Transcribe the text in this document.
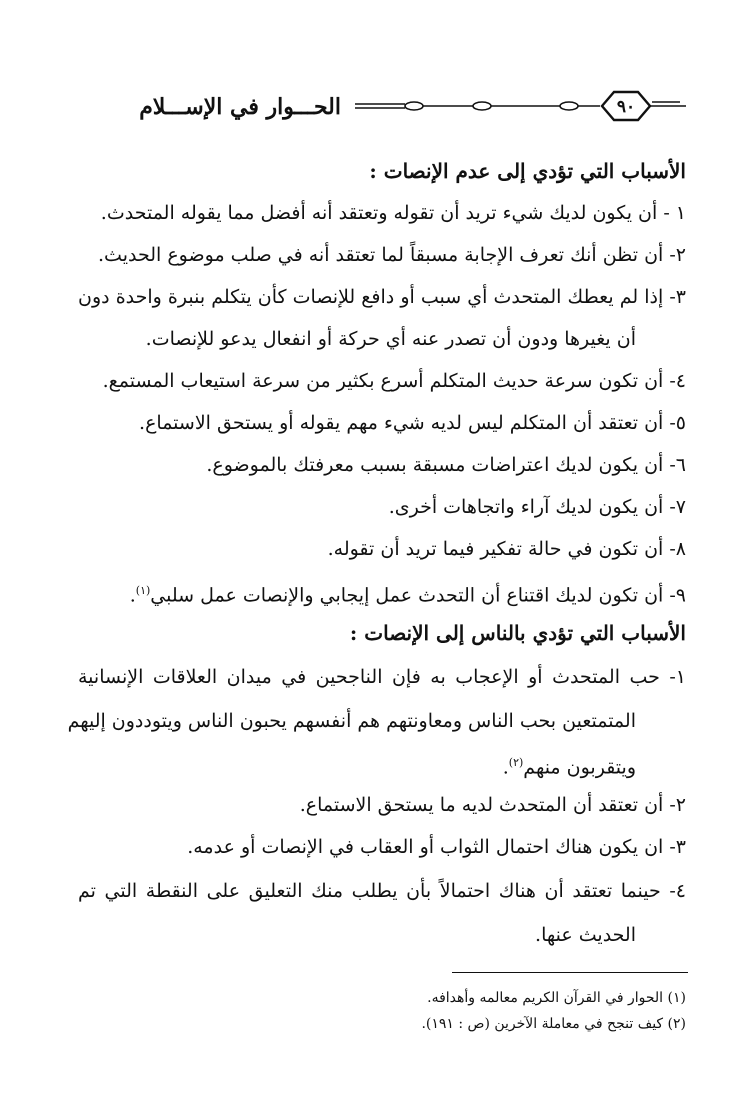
٩٠
الحـــوار في الإســـلام
الأسباب التي تؤدي إلى عدم الإنصات :
١ - أن يكون لديك شيء تريد أن تقوله وتعتقد أنه أفضل مما يقوله المتحدث.
٢- أن تظن أنك تعرف الإجابة مسبقاً لما تعتقد أنه في صلب موضوع الحديث.
٣- إذا لم يعطك المتحدث أي سبب أو دافع للإنصات كأن يتكلم بنبرة واحدة دون
أن يغيرها ودون أن تصدر عنه أي حركة أو انفعال يدعو للإنصات.
٤- أن تكون سرعة حديث المتكلم أسرع بكثير من سرعة استيعاب المستمع.
٥- أن تعتقد أن المتكلم ليس لديه شيء مهم يقوله أو يستحق الاستماع.
٦- أن يكون لديك اعتراضات مسبقة بسبب معرفتك بالموضوع.
٧- أن يكون لديك آراء واتجاهات أخرى.
٨- أن تكون في حالة تفكير فيما تريد أن تقوله.
٩- أن تكون لديك اقتناع أن التحدث عمل إيجابي والإنصات عمل سلبي$^{(١)}$.
الأسباب التي تؤدي بالناس إلى الإنصات :
١- حب المتحدث أو الإعجاب به فإن الناجحين في ميدان العلاقات الإنسانية
المتمتعين بحب الناس ومعاونتهم هم أنفسهم يحبون الناس ويتوددون إليهم
ويتقربون منهم$^{(٢)}$.
٢- أن تعتقد أن المتحدث لديه ما يستحق الاستماع.
٣- ان يكون هناك احتمال الثواب أو العقاب في الإنصات أو عدمه.
٤- حينما تعتقد أن هناك احتمالاً بأن يطلب منك التعليق على النقطة التي تم
الحديث عنها.
(١) الحوار في القرآن الكريم معالمه وأهدافه.
(٢) كيف تنجح في معاملة الآخرين (ص : ١٩١).
